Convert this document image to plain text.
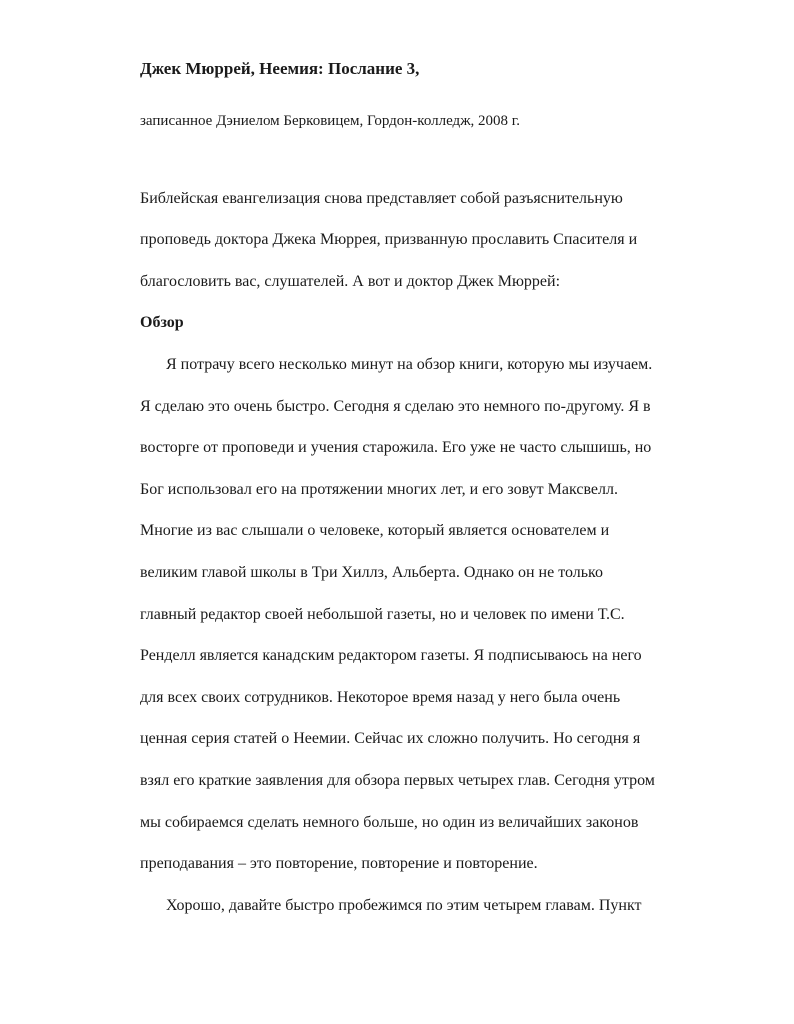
Джек Мюррей, Неемия: Послание 3,

записанное Дэниелом Берковицем, Гордон-колледж, 2008 г.

Библейская евангелизация снова представляет собой разъяснительную проповедь доктора Джека Мюррея, призванную прославить Спасителя и благословить вас, слушателей. А вот и доктор Джек Мюррей:

Обзор

Я потрачу всего несколько минут на обзор книги, которую мы изучаем. Я сделаю это очень быстро. Сегодня я сделаю это немного по-другому. Я в восторге от проповеди и учения старожила. Его уже не часто слышишь, но Бог использовал его на протяжении многих лет, и его зовут Максвелл. Многие из вас слышали о человеке, который является основателем и великим главой школы в Три Хиллз, Альберта. Однако он не только главный редактор своей небольшой газеты, но и человек по имени Т.С. Ренделл является канадским редактором газеты. Я подписываюсь на него для всех своих сотрудников. Некоторое время назад у него была очень ценная серия статей о Неемии. Сейчас их сложно получить. Но сегодня я взял его краткие заявления для обзора первых четырех глав. Сегодня утром мы собираемся сделать немного больше, но один из величайших законов преподавания – это повторение, повторение и повторение.

Хорошо, давайте быстро пробежимся по этим четырем главам. Пункт
